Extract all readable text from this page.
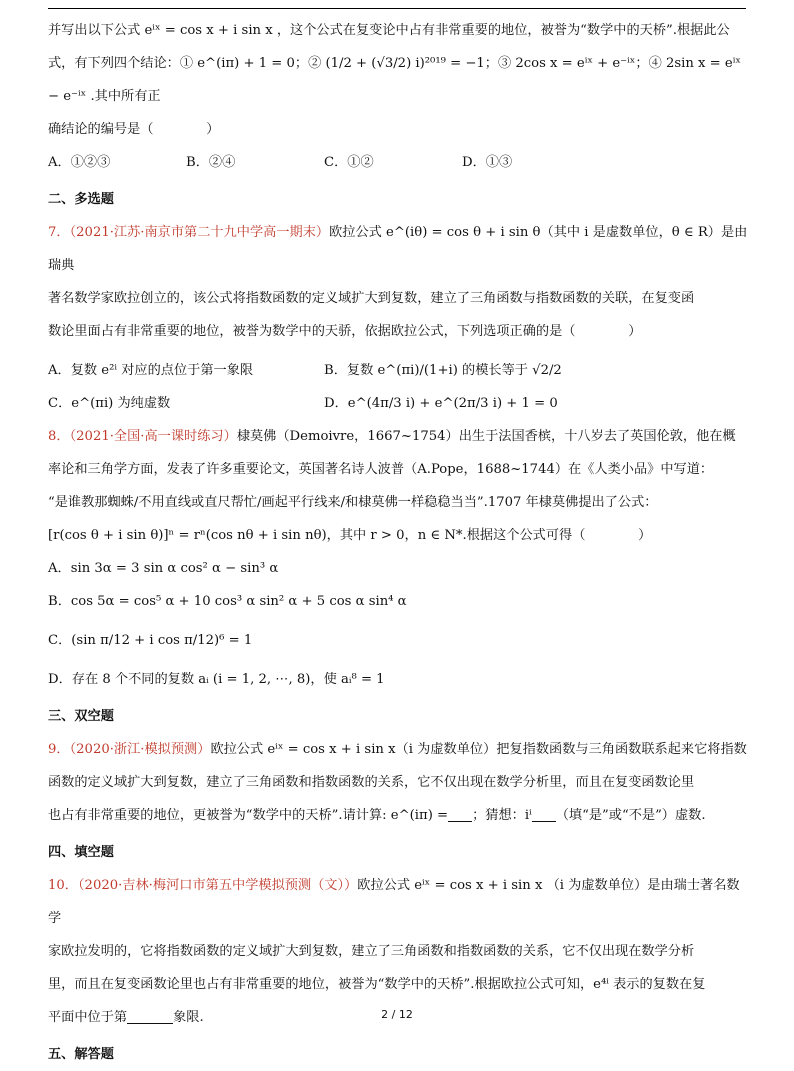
并写出以下公式 eⁱˣ = cos x + i sin x ，这个公式在复变论中占有非常重要的地位，被誉为“数学中的天桥”.根据此公

式，有下列四个结论：① e^(iπ) + 1 = 0；② (1/2 + (√3/2) i)²⁰¹⁹ = −1；③ 2cos x = eⁱˣ + e⁻ⁱˣ；④ 2sin x = eⁱˣ − e⁻ⁱˣ .其中所有正

确结论的编号是（　　　　）

A．①②③	B．②④	C．①②	D．①③

二、多选题

7．（2021·江苏·南京市第二十九中学高一期末）欧拉公式 e^(iθ) = cos θ + i sin θ（其中 i 是虚数单位，θ ∈ R）是由瑞典

著名数学家欧拉创立的，该公式将指数函数的定义域扩大到复数，建立了三角函数与指数函数的关联，在复变函

数论里面占有非常重要的地位，被誉为数学中的天骄，依据欧拉公式，下列选项正确的是（　　　　）

A．复数 e²ⁱ 对应的点位于第一象限	B．复数 e^(πi)/(1+i) 的模长等于 √2/2
C．e^(πi) 为纯虚数	D．e^(4π/3 i) + e^(2π/3 i) + 1 = 0

8．（2021·全国·高一课时练习）棣莫佛（Demoivre，1667~1754）出生于法国香槟，十八岁去了英国伦敦，他在概

率论和三角学方面，发表了许多重要论文，英国著名诗人波普（A.Pope，1688~1744）在《人类小品》中写道：

“是谁教那蜘蛛/不用直线或直尺帮忙/画起平行线来/和棣莫佛一样稳稳当当”.1707 年棣莫佛提出了公式：

[r(cos θ + i sin θ)]ⁿ = rⁿ(cos nθ + i sin nθ)，其中 r > 0，n ∈ N*.根据这个公式可得（　　　　）

A．sin 3α = 3 sin α cos² α − sin³ α

B．cos 5α = cos⁵ α + 10 cos³ α sin² α + 5 cos α sin⁴ α

C．(sin π/12 + i cos π/12)⁶ = 1

D．存在 8 个不同的复数 aᵢ (i = 1, 2, ⋯, 8)，使 aᵢ⁸ = 1

三、双空题

9．（2020·浙江·模拟预测）欧拉公式 eⁱˣ = cos x + i sin x（i 为虚数单位）把复指数函数与三角函数联系起来它将指数

函数的定义域扩大到复数，建立了三角函数和指数函数的关系，它不仅出现在数学分析里，而且在复变函数论里

也占有非常重要的地位，更被誉为“数学中的天桥”.请计算: e^(iπ) = ；猜想：iⁱ （填“是”或“不是”）虚数.

四、填空题

10．（2020·吉林·梅河口市第五中学模拟预测（文））欧拉公式 eⁱˣ = cos x + i sin x （i 为虚数单位）是由瑞士著名数学

家欧拉发明的，它将指数函数的定义域扩大到复数，建立了三角函数和指数函数的关系，它不仅出现在数学分析

里，而且在复变函数论里也占有非常重要的地位，被誉为“数学中的天桥”.根据欧拉公式可知，e⁴ⁱ 表示的复数在复

平面中位于第	象限.

五、解答题

2 / 12
